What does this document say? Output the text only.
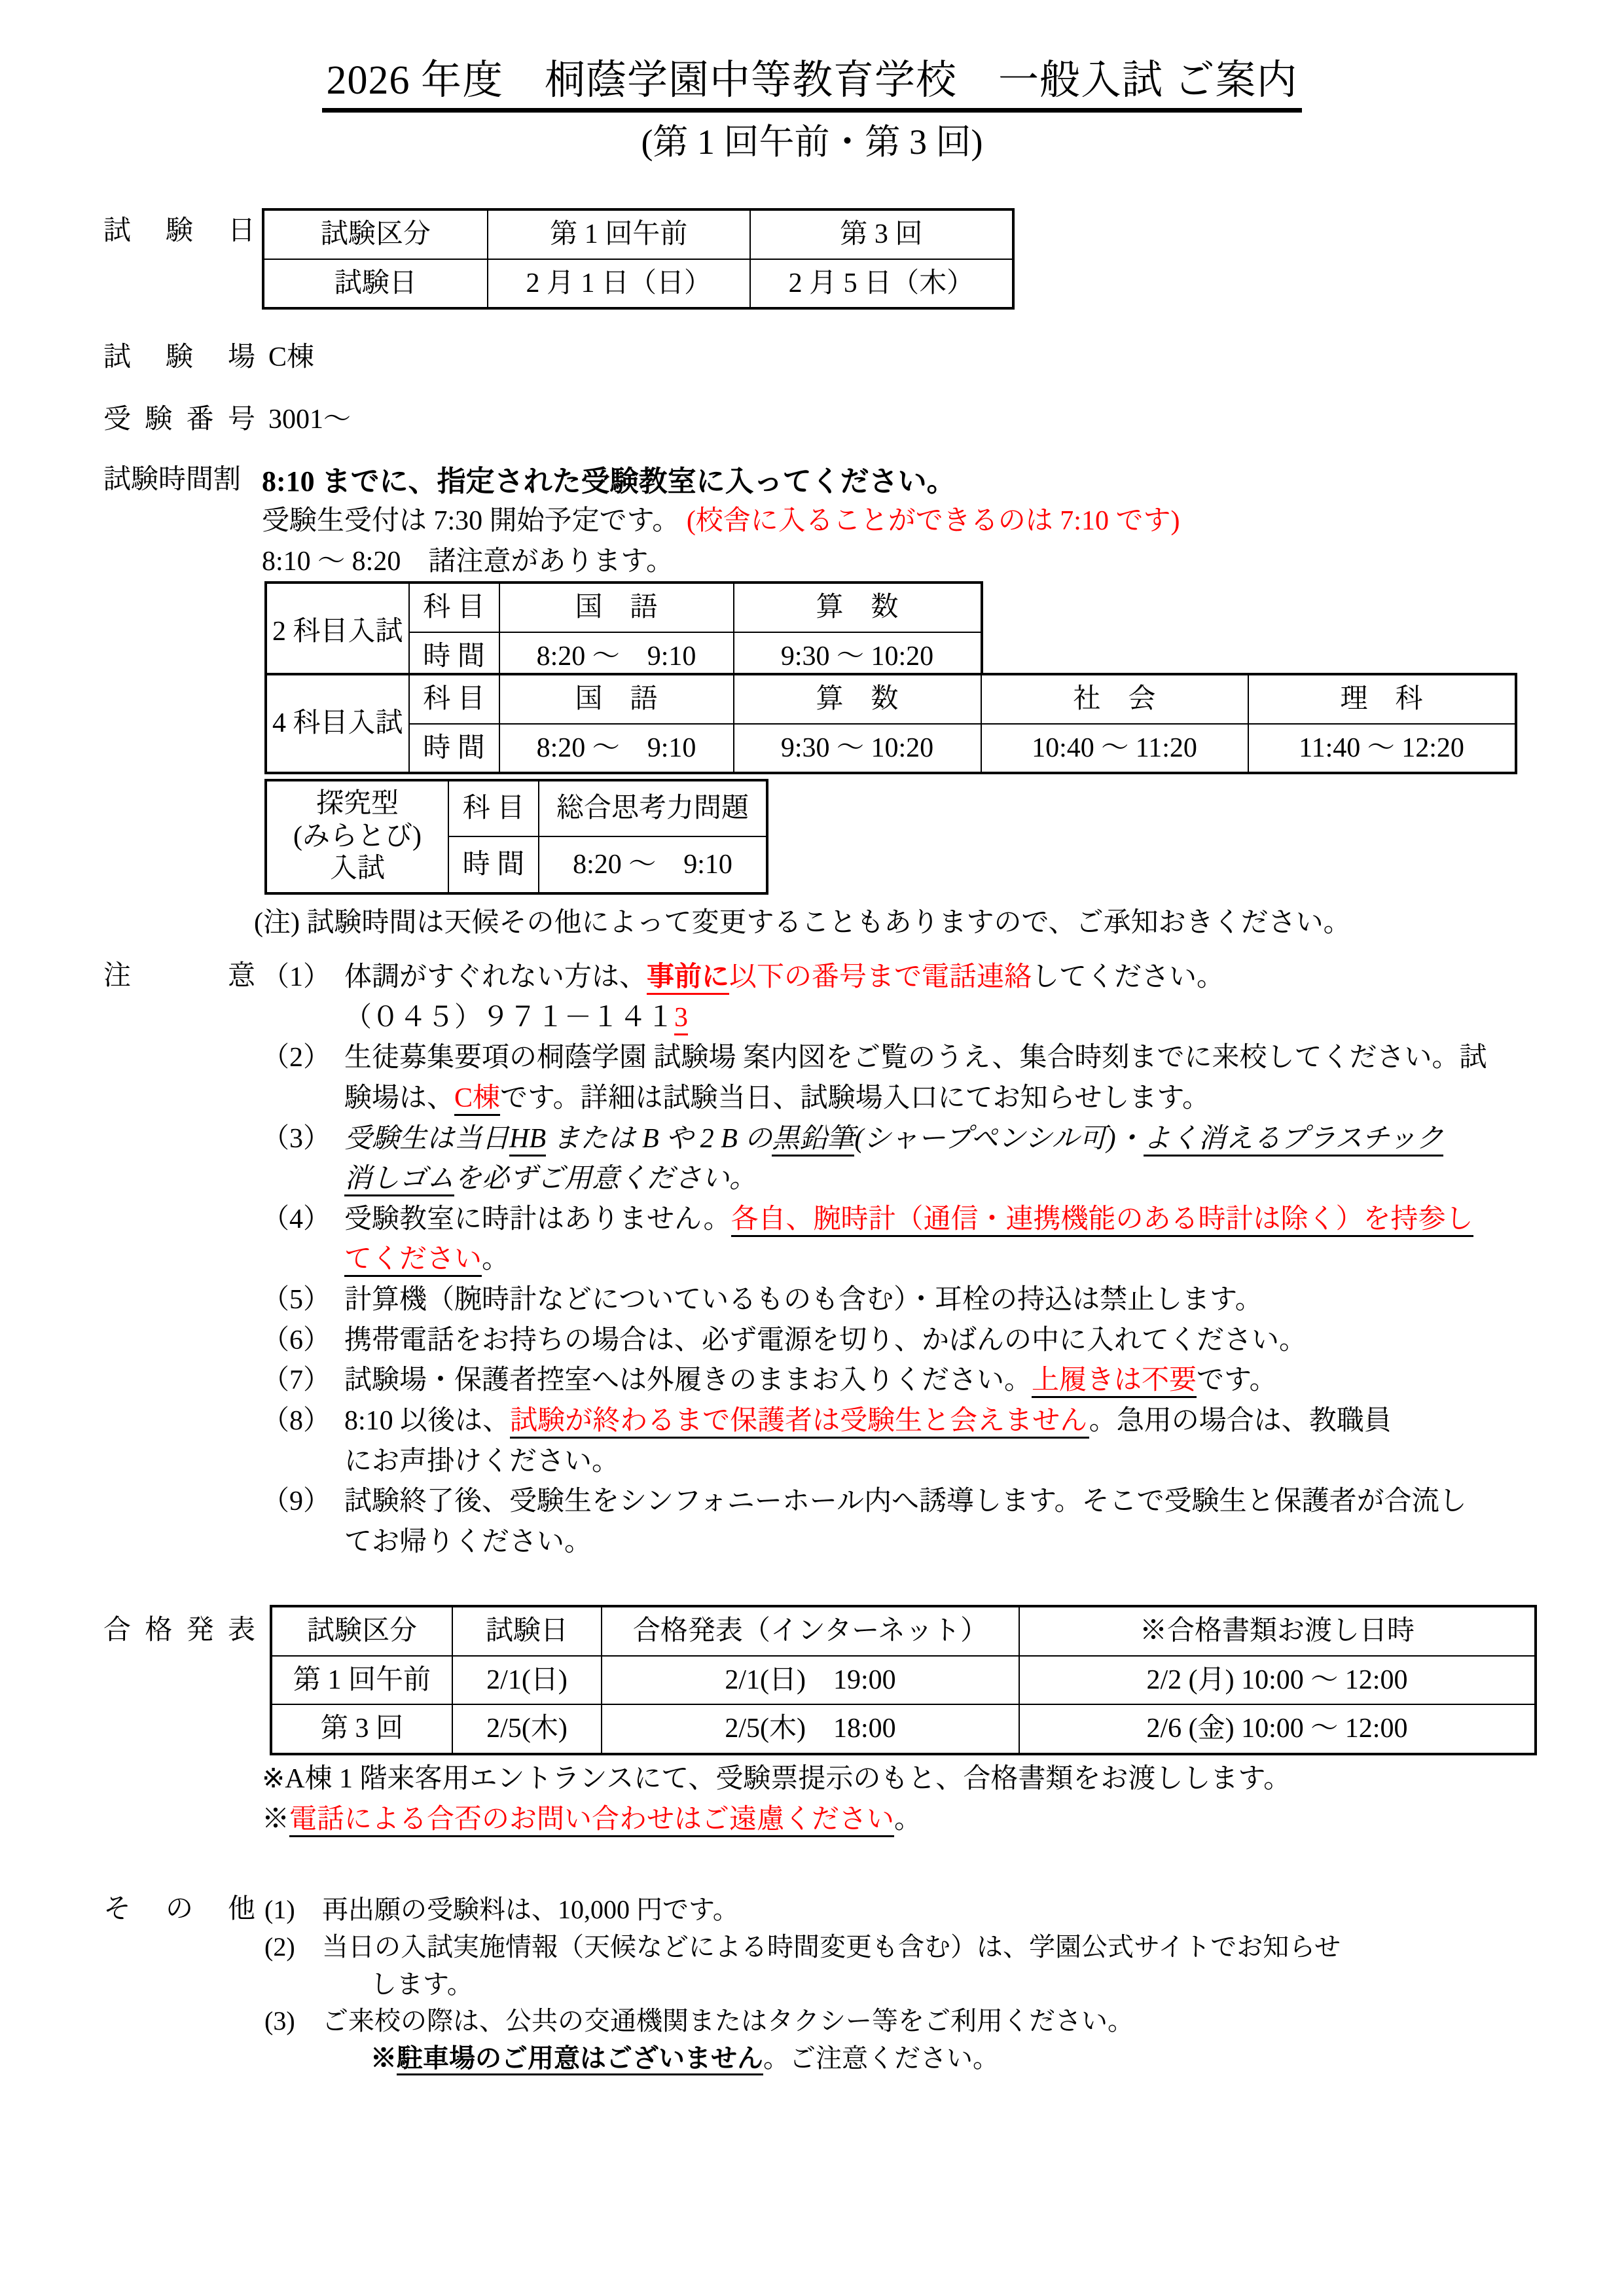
2026 年度　桐蔭学園中等教育学校　一般入試 ご案内
(第 1 回午前・第 3 回)
試験日 試験区分	第 1 回午前	第 3 回
試験日	2 月 1 日（日）	2 月 5 日（木）
試験場 C棟
受験番号 3001～
試験時間割 8:10 までに、指定された受験教室に入ってください。
受験生受付は 7:30 開始予定です。 (校舎に入ることができるのは 7:10 です)
8:10 ～ 8:20　諸注意があります。
2 科目入試	科 目	国　語	算　数
	時 間	8:20 ～　9:10	9:30 ～ 10:20
4 科目入試	科 目	国　語	算　数	社　会	理　科
	時 間	8:20 ～　9:10	9:30 ～ 10:20	10:40 ～ 11:20	11:40 ～ 12:20
探究型
(みらとび)
入試	科 目	総合思考力問題
	時 間	8:20 ～　9:10
(注) 試験時間は天候その他によって変更することもありますので、ご承知おきください。
注意 （1） 体調がすぐれない方は、事前に以下の番号まで電話連絡してください。
（０４５）９７１－１４１3
（2） 生徒募集要項の桐蔭学園 試験場 案内図をご覧のうえ、集合時刻までに来校してください。試
験場は、C棟です。詳細は試験当日、試験場入口にてお知らせします。
（3） 受験生は当日HB または B や 2 B の黒鉛筆(シャープペンシル可)・よく消えるプラスチック
消しゴムを必ずご用意ください。
（4） 受験教室に時計はありません。各自、腕時計（通信・連携機能のある時計は除く）を持参し
てください。
（5） 計算機（腕時計などについているものも含む）・耳栓の持込は禁止します。
（6） 携帯電話をお持ちの場合は、必ず電源を切り、かばんの中に入れてください。
（7） 試験場・保護者控室へは外履きのままお入りください。上履きは不要です。
（8） 8:10 以後は、試験が終わるまで保護者は受験生と会えません。急用の場合は、教職員
にお声掛けください。
（9） 試験終了後、受験生をシンフォニーホール内へ誘導します。そこで受験生と保護者が合流し
てお帰りください。
合格発表 試験区分	試験日	合格発表（インターネット）	※合格書類お渡し日時
第 1 回午前	2/1(日)	2/1(日)　19:00	2/2 (月) 10:00 ～ 12:00
第 3 回	2/5(木)	2/5(木)　18:00	2/6 (金) 10:00 ～ 12:00
※A棟 1 階来客用エントランスにて、受験票提示のもと、合格書類をお渡しします。
※電話による合否のお問い合わせはご遠慮ください。
その他 (1)	再出願の受験料は、10,000 円です。
(2)	当日の入試実施情報（天候などによる時間変更も含む）は、学園公式サイトでお知らせ
します。
(3)	ご来校の際は、公共の交通機関またはタクシー等をご利用ください。
※駐車場のご用意はございません。ご注意ください。
